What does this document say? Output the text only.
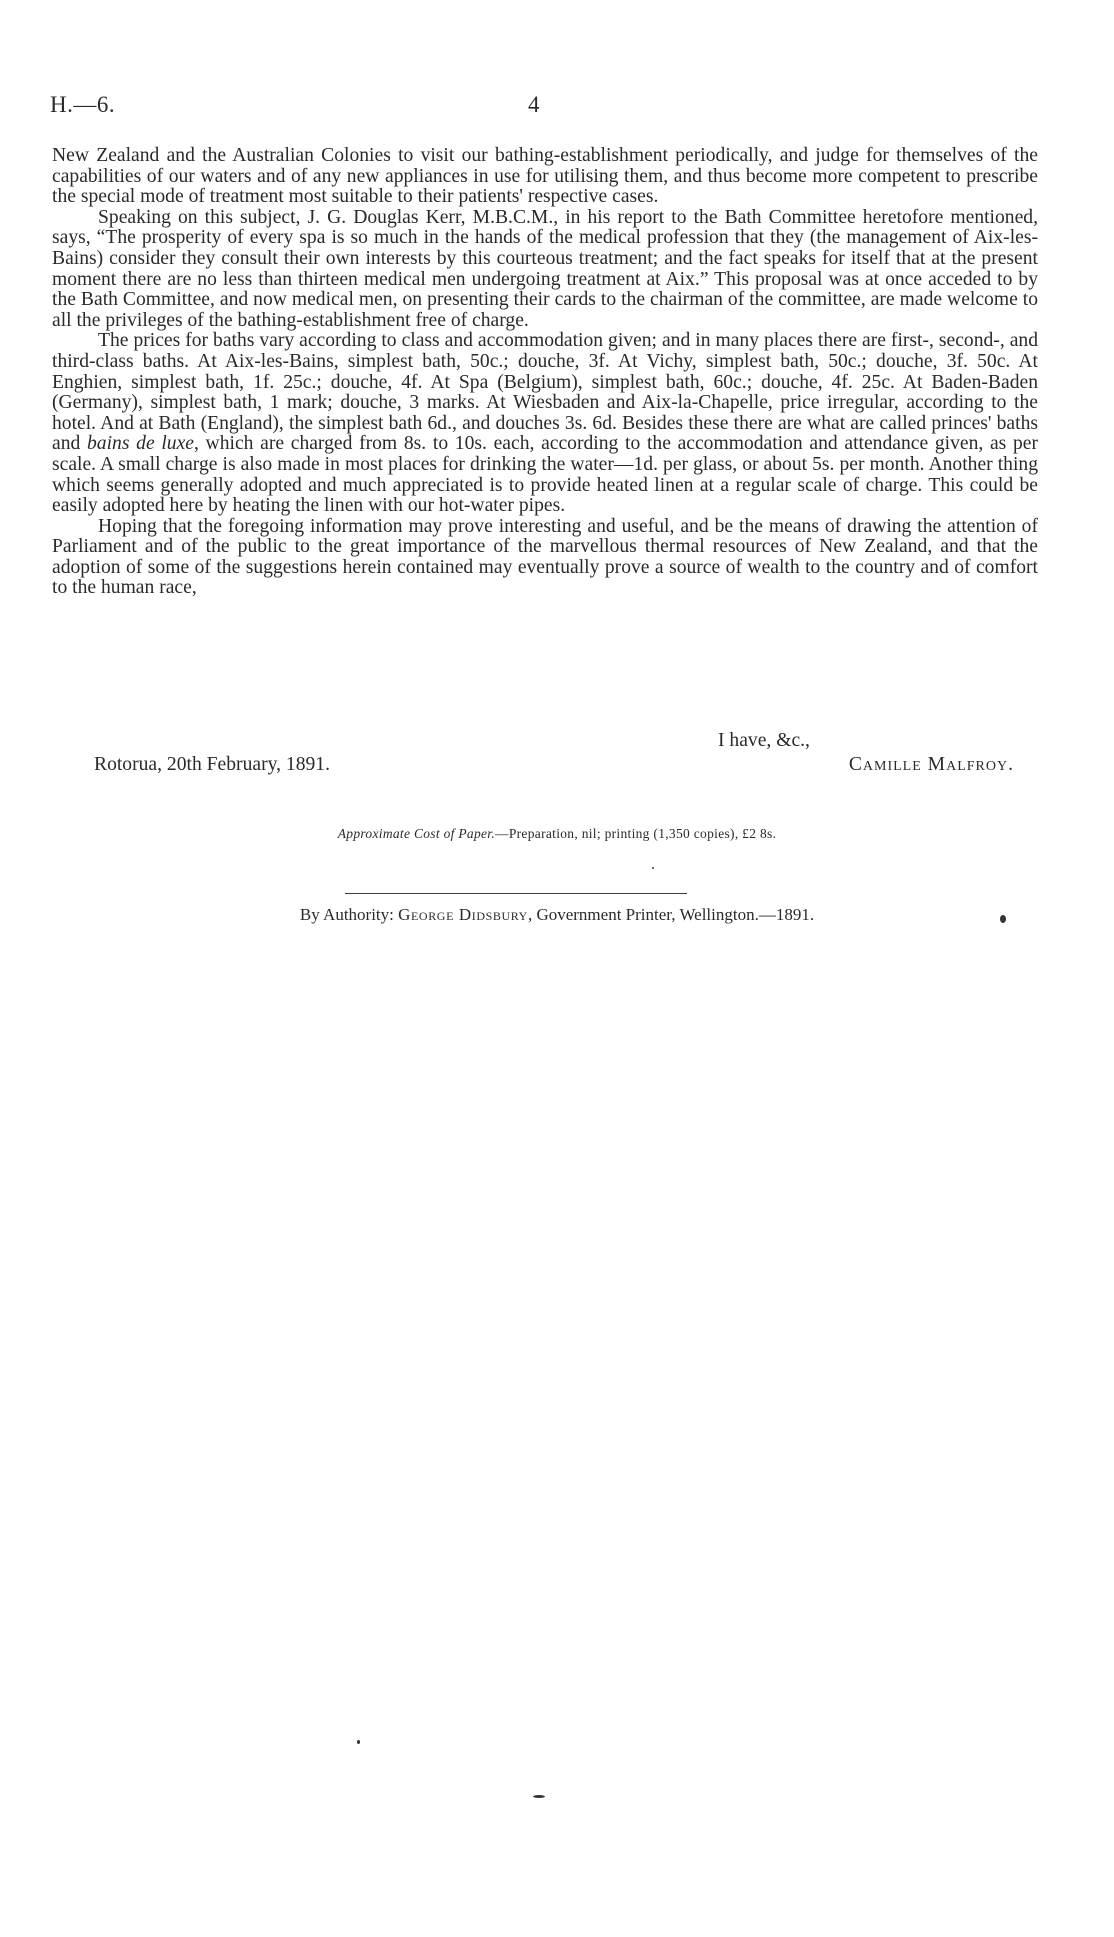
H.—6.	4

New Zealand and the Australian Colonies to visit our bathing-establishment periodically, and judge for themselves of the capabilities of our waters and of any new appliances in use for utilising them, and thus become more competent to prescribe the special mode of treatment most suitable to their patients' respective cases.

Speaking on this subject, J. G. Douglas Kerr, M.B.C.M., in his report to the Bath Committee heretofore mentioned, says, “The prosperity of every spa is so much in the hands of the medical profession that they (the management of Aix-les-Bains) consider they consult their own interests by this courteous treatment; and the fact speaks for itself that at the present moment there are no less than thirteen medical men undergoing treatment at Aix.” This proposal was at once acceded to by the Bath Committee, and now medical men, on presenting their cards to the chairman of the committee, are made welcome to all the privileges of the bathing-establishment free of charge.

The prices for baths vary according to class and accommodation given; and in many places there are first-, second-, and third-class baths. At Aix-les-Bains, simplest bath, 50c.; douche, 3f. At Vichy, simplest bath, 50c.; douche, 3f. 50c. At Enghien, simplest bath, 1f. 25c.; douche, 4f. At Spa (Belgium), simplest bath, 60c.; douche, 4f. 25c. At Baden-Baden (Germany), simplest bath, 1 mark; douche, 3 marks. At Wiesbaden and Aix-la-Chapelle, price irregular, according to the hotel. And at Bath (England), the simplest bath 6d., and douches 3s. 6d. Besides these there are what are called princes' baths and bains de luxe, which are charged from 8s. to 10s. each, according to the accommodation and attendance given, as per scale. A small charge is also made in most places for drinking the water—1d. per glass, or about 5s. per month. Another thing which seems generally adopted and much appreciated is to provide heated linen at a regular scale of charge. This could be easily adopted here by heating the linen with our hot-water pipes.

Hoping that the foregoing information may prove interesting and useful, and be the means of drawing the attention of Parliament and of the public to the great importance of the marvellous thermal resources of New Zealand, and that the adoption of some of the suggestions herein contained may eventually prove a source of wealth to the country and of comfort to the human race,

I have, &c.,
Rotorua, 20th February, 1891.	Camille Malfroy.
Approximate Cost of Paper.—Preparation, nil; printing (1,350 copies), £2 8s.
By Authority: George Didsbury, Government Printer, Wellington.—1891.
